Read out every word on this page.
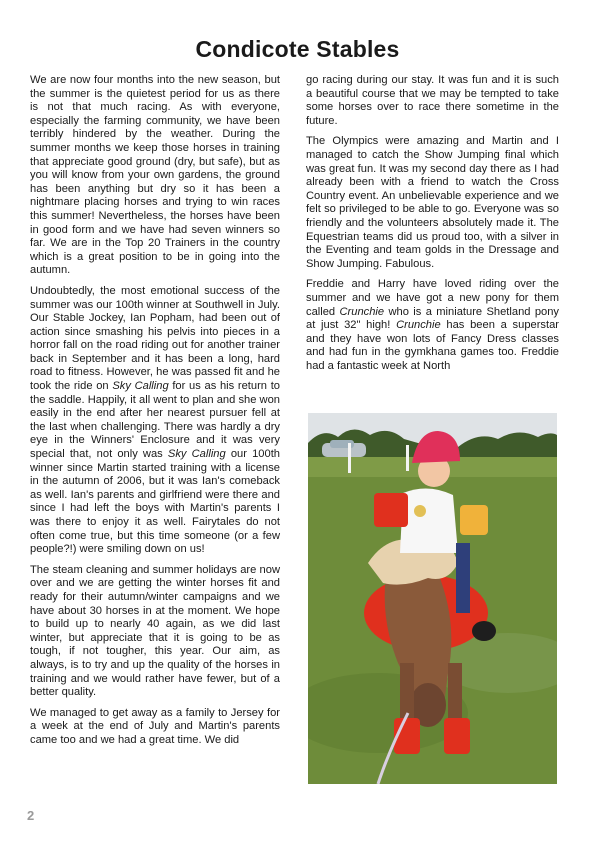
Condicote Stables

We are now four months into the new season, but the summer is the quietest period for us as there is not that much racing. As with everyone, especially the farming community, we have been terribly hindered by the weather. During the summer months we keep those horses in training that appreciate good ground (dry, but safe), but as you will know from your own gardens, the ground has been anything but dry so it has been a nightmare placing horses and trying to win races this summer! Nevertheless, the horses have been in good form and we have had seven winners so far. We are in the Top 20 Trainers in the country which is a great position to be in going into the autumn.

Undoubtedly, the most emotional success of the summer was our 100th winner at Southwell in July. Our Stable Jockey, Ian Popham, had been out of action since smashing his pelvis into pieces in a horror fall on the road riding out for another trainer back in September and it has been a long, hard road to fitness. However, he was passed fit and he took the ride on Sky Calling for us as his return to the saddle. Happily, it all went to plan and she won easily in the end after her nearest pursuer fell at the last when challenging. There was hardly a dry eye in the Winners' Enclosure and it was very special that, not only was Sky Calling our 100th winner since Martin started training with a license in the autumn of 2006, but it was Ian's comeback as well. Ian's parents and girlfriend were there and since I had left the boys with Martin's parents I was there to enjoy it as well. Fairytales do not often come true, but this time someone (or a few people?!) were smiling down on us!

The steam cleaning and summer holidays are now over and we are getting the winter horses fit and ready for their autumn/winter campaigns and we have about 30 horses in at the moment. We hope to build up to nearly 40 again, as we did last winter, but appreciate that it is going to be as tough, if not tougher, this year. Our aim, as always, is to try and up the quality of the horses in training and we would rather have fewer, but of a better quality.

We managed to get away as a family to Jersey for a week at the end of July and Martin's parents came too and we had a great time. We did

go racing during our stay. It was fun and it is such a beautiful course that we may be tempted to take some horses over to race there sometime in the future.

The Olympics were amazing and Martin and I managed to catch the Show Jumping final which was great fun. It was my second day there as I had already been with a friend to watch the Cross Country event. An unbelievable experience and we felt so privileged to be able to go. Everyone was so friendly and the volunteers absolutely made it. The Equestrian teams did us proud too, with a silver in the Eventing and team golds in the Dressage and Show Jumping. Fabulous.

Freddie and Harry have loved riding over the summer and we have got a new pony for them called Crunchie who is a miniature Shetland pony at just 32" high! Crunchie has been a superstar and they have won lots of Fancy Dress classes and had fun in the gymkhana games too. Freddie had a fantastic week at North

2
